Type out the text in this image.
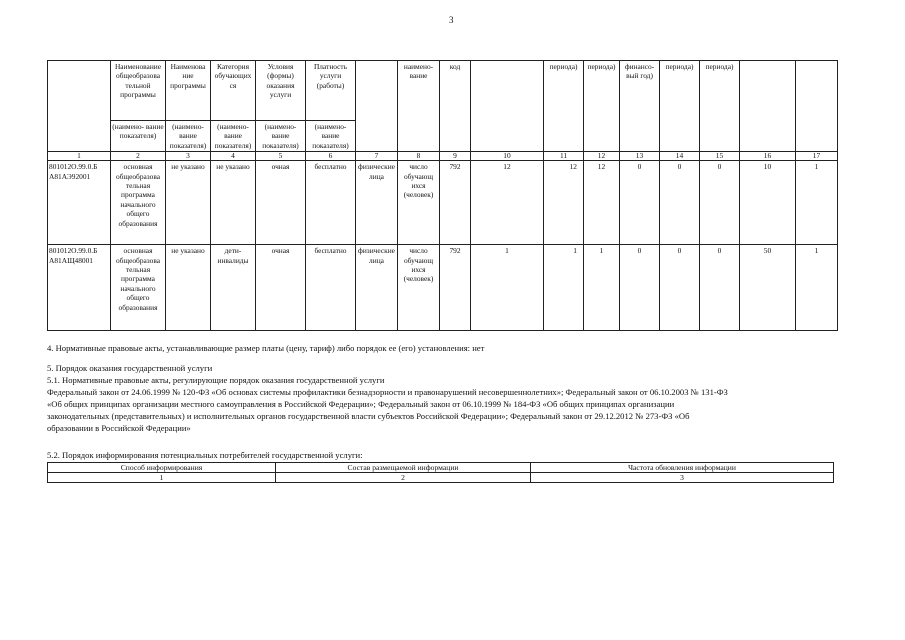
3
	Наименование общеобразова тельной программы	Наименова ние программы	Категория обучающих ся	Условия (формы) оказания услуги	Платность услуги (работы)		наимено- вание	код		периода)	периода)	финансо- вый год)	периода)	периода)		
	(наимено- вание показателя)	(наимено- вание показателя)	(наимено- вание показателя)	(наимено- вание показателя)	(наимено- вание показателя)											
1	2	3	4	5	6	7	8	9	10	11	12	13	14	15	16	17
801012О.99.0.Б А81АЭ92001	основная общеобразова тельная программа начального общего образования	не указано	не указано	очная	бесплатно	физические лица	число обучающ ихся (человек)	792	12	12	12	0	0	0	10	1
801012О.99.0.Б А81АЩ48001	основная общеобразова тельная программа начального общего образования	не указано	дети- инвалиды	очная	бесплатно	физические лица	число обучающ ихся (человек)	792	1	1	1	0	0	0	50	1
4. Нормативные правовые акты, устанавливающие размер платы (цену, тариф) либо порядок ее (его) установления: нет
5. Порядок оказания государственной услуги
5.1. Нормативные правовые акты, регулирующие порядок оказания государственной услуги
Федеральный закон от 24.06.1999 № 120-ФЗ «Об основах системы профилактики безнадзорности и правонарушений несовершеннолетних»; Федеральный закон от 06.10.2003 № 131-ФЗ
«Об общих принципах организации местного самоуправления в Российской Федерации»; Федеральный закон от 06.10.1999 № 184-ФЗ «Об общих принципах организации
законодательных (представительных) и исполнительных органов государственной власти субъектов Российской Федерации»; Федеральный закон от 29.12.2012 № 273-ФЗ «Об
образовании в Российской Федерации»
5.2. Порядок информирования потенциальных потребителей государственной услуги:
Способ информирования	Состав размещаемой информации	Частота обновления информации
1	2	3
